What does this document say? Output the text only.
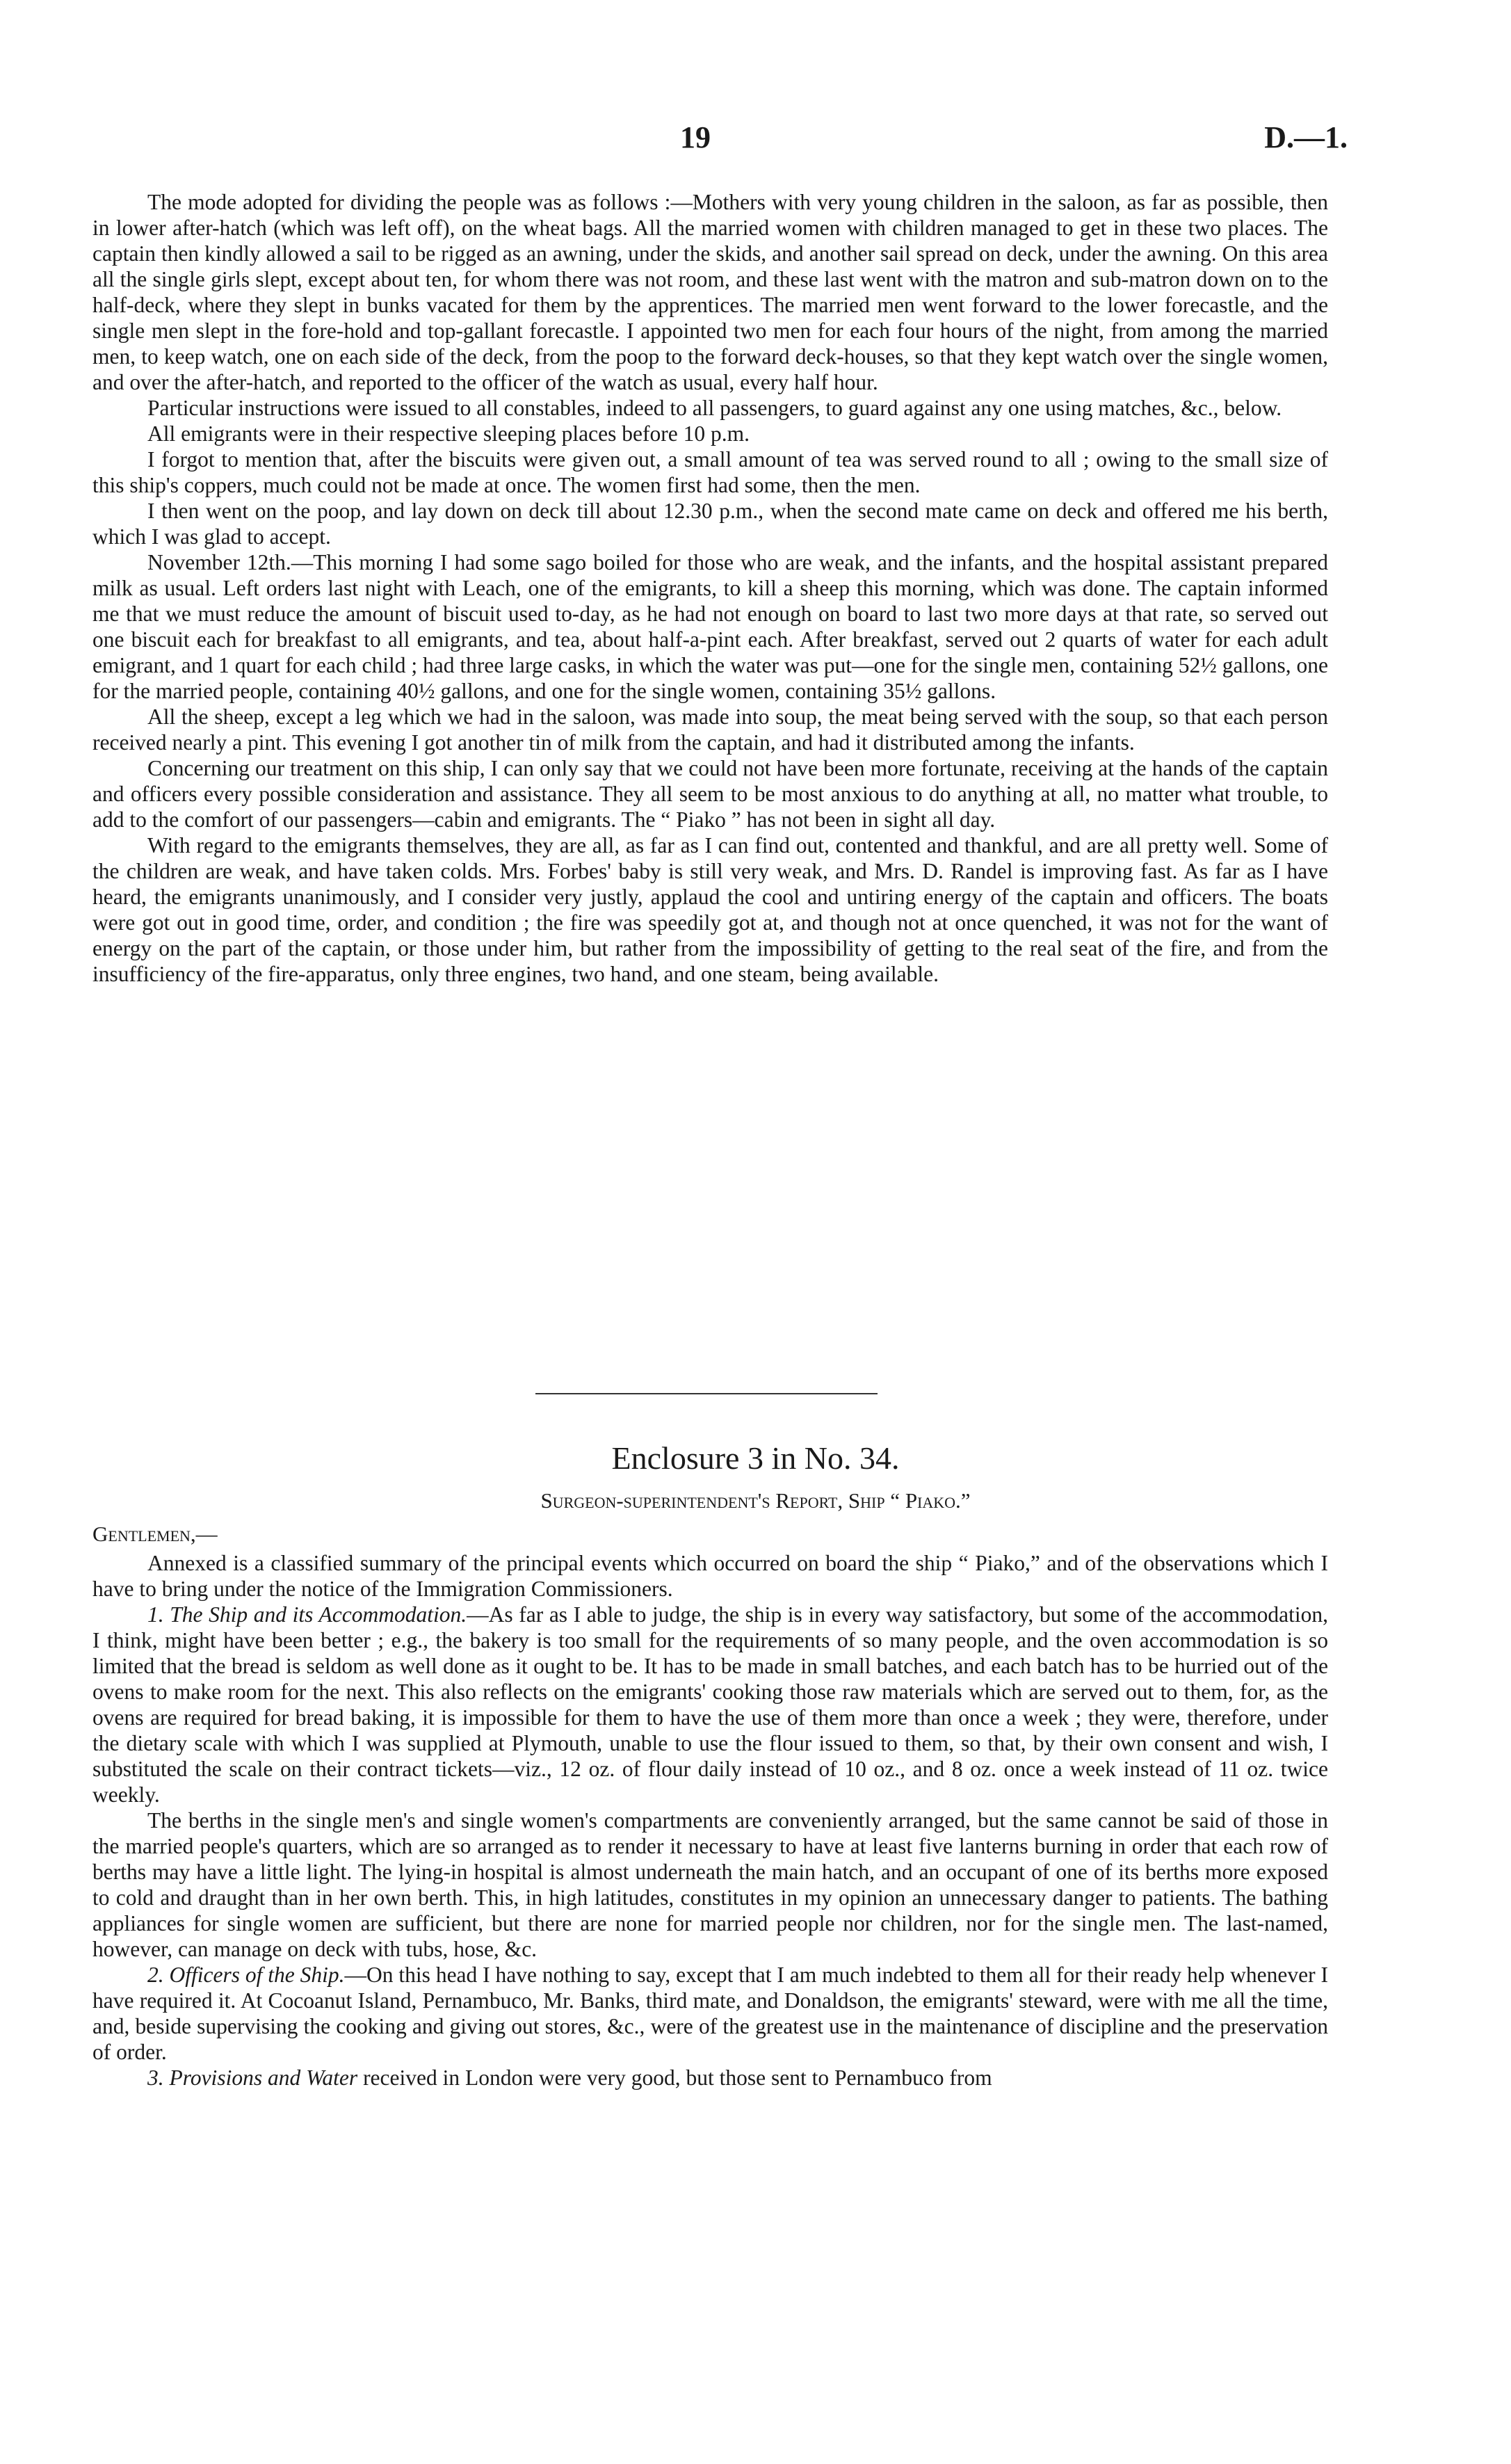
19	D.—1.

The mode adopted for dividing the people was as follows :—Mothers with very young children in the saloon, as far as possible, then in lower after-hatch (which was left off), on the wheat bags. All the married women with children managed to get in these two places. The captain then kindly allowed a sail to be rigged as an awning, under the skids, and another sail spread on deck, under the awning. On this area all the single girls slept, except about ten, for whom there was not room, and these last went with the matron and sub-matron down on to the half-deck, where they slept in bunks vacated for them by the apprentices. The married men went forward to the lower forecastle, and the single men slept in the fore-hold and top-gallant forecastle. I appointed two men for each four hours of the night, from among the married men, to keep watch, one on each side of the deck, from the poop to the forward deck-houses, so that they kept watch over the single women, and over the after-hatch, and reported to the officer of the watch as usual, every half hour.

Particular instructions were issued to all constables, indeed to all passengers, to guard against any one using matches, &c., below.

All emigrants were in their respective sleeping places before 10 p.m.

I forgot to mention that, after the biscuits were given out, a small amount of tea was served round to all ; owing to the small size of this ship's coppers, much could not be made at once. The women first had some, then the men.

I then went on the poop, and lay down on deck till about 12.30 p.m., when the second mate came on deck and offered me his berth, which I was glad to accept.

November 12th.—This morning I had some sago boiled for those who are weak, and the infants, and the hospital assistant prepared milk as usual. Left orders last night with Leach, one of the emigrants, to kill a sheep this morning, which was done. The captain informed me that we must reduce the amount of biscuit used to-day, as he had not enough on board to last two more days at that rate, so served out one biscuit each for breakfast to all emigrants, and tea, about half-a-pint each. After breakfast, served out 2 quarts of water for each adult emigrant, and 1 quart for each child ; had three large casks, in which the water was put—one for the single men, containing 52½ gallons, one for the married people, containing 40½ gallons, and one for the single women, containing 35½ gallons.

All the sheep, except a leg which we had in the saloon, was made into soup, the meat being served with the soup, so that each person received nearly a pint. This evening I got another tin of milk from the captain, and had it distributed among the infants.

Concerning our treatment on this ship, I can only say that we could not have been more fortunate, receiving at the hands of the captain and officers every possible consideration and assistance. They all seem to be most anxious to do anything at all, no matter what trouble, to add to the comfort of our passengers—cabin and emigrants. The “ Piako ” has not been in sight all day.

With regard to the emigrants themselves, they are all, as far as I can find out, contented and thankful, and are all pretty well. Some of the children are weak, and have taken colds. Mrs. Forbes' baby is still very weak, and Mrs. D. Randel is improving fast. As far as I have heard, the emigrants unanimously, and I consider very justly, applaud the cool and untiring energy of the captain and officers. The boats were got out in good time, order, and condition ; the fire was speedily got at, and though not at once quenched, it was not for the want of energy on the part of the captain, or those under him, but rather from the impossibility of getting to the real seat of the fire, and from the insufficiency of the fire-apparatus, only three engines, two hand, and one steam, being available.

Enclosure 3 in No. 34.
Surgeon-superintendent's Report, Ship “ Piako.”
Gentlemen,—

Annexed is a classified summary of the principal events which occurred on board the ship “ Piako,” and of the observations which I have to bring under the notice of the Immigration Commissioners.

1. The Ship and its Accommodation.—As far as I able to judge, the ship is in every way satisfactory, but some of the accommodation, I think, might have been better ; e.g., the bakery is too small for the requirements of so many people, and the oven accommodation is so limited that the bread is seldom as well done as it ought to be. It has to be made in small batches, and each batch has to be hurried out of the ovens to make room for the next. This also reflects on the emigrants' cooking those raw materials which are served out to them, for, as the ovens are required for bread baking, it is impossible for them to have the use of them more than once a week ; they were, therefore, under the dietary scale with which I was supplied at Plymouth, unable to use the flour issued to them, so that, by their own consent and wish, I substituted the scale on their contract tickets—viz., 12 oz. of flour daily instead of 10 oz., and 8 oz. once a week instead of 11 oz. twice weekly.

The berths in the single men's and single women's compartments are conveniently arranged, but the same cannot be said of those in the married people's quarters, which are so arranged as to render it necessary to have at least five lanterns burning in order that each row of berths may have a little light. The lying-in hospital is almost underneath the main hatch, and an occupant of one of its berths more exposed to cold and draught than in her own berth. This, in high latitudes, constitutes in my opinion an unnecessary danger to patients. The bathing appliances for single women are sufficient, but there are none for married people nor children, nor for the single men. The last-named, however, can manage on deck with tubs, hose, &c.

2. Officers of the Ship.—On this head I have nothing to say, except that I am much indebted to them all for their ready help whenever I have required it. At Cocoanut Island, Pernambuco, Mr. Banks, third mate, and Donaldson, the emigrants' steward, were with me all the time, and, beside supervising the cooking and giving out stores, &c., were of the greatest use in the maintenance of discipline and the preservation of order.

3. Provisions and Water received in London were very good, but those sent to Pernambuco from
